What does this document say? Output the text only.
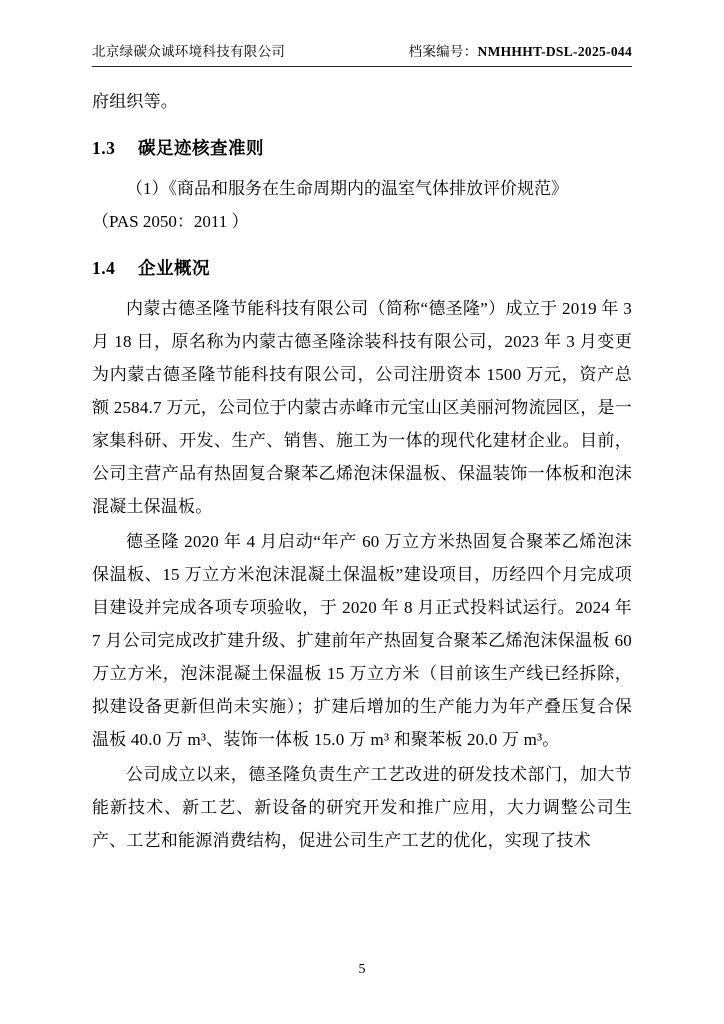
北京绿碳众诚环境科技有限公司	档案编号：NMHHHT-DSL-2025-044

府组织等。

1.3 碳足迹核查准则

（1）《商品和服务在生命周期内的温室气体排放评价规范》

（PAS 2050：2011 ）

1.4 企业概况

内蒙古德圣隆节能科技有限公司（简称“德圣隆”）成立于 2019 年 3 月 18 日，原名称为内蒙古德圣隆涂装科技有限公司，2023 年 3 月变更为内蒙古德圣隆节能科技有限公司，公司注册资本 1500 万元，资产总额 2584.7 万元，公司位于内蒙古赤峰市元宝山区美丽河物流园区，是一家集科研、开发、生产、销售、施工为一体的现代化建材企业。目前，公司主营产品有热固复合聚苯乙烯泡沫保温板、保温装饰一体板和泡沫混凝土保温板。

德圣隆 2020 年 4 月启动“年产 60 万立方米热固复合聚苯乙烯泡沫保温板、15 万立方米泡沫混凝土保温板”建设项目，历经四个月完成项目建设并完成各项专项验收，于 2020 年 8 月正式投料试运行。2024 年 7 月公司完成改扩建升级、扩建前年产热固复合聚苯乙烯泡沫保温板 60 万立方米，泡沫混凝土保温板 15 万立方米（目前该生产线已经拆除，拟建设备更新但尚未实施）；扩建后增加的生产能力为年产叠压复合保温板 40.0 万 m³、装饰一体板 15.0 万 m³ 和聚苯板 20.0 万 m³。

公司成立以来，德圣隆负责生产工艺改进的研发技术部门，加大节能新技术、新工艺、新设备的研究开发和推广应用，大力调整公司生产、工艺和能源消费结构，促进公司生产工艺的优化，实现了技术

5
